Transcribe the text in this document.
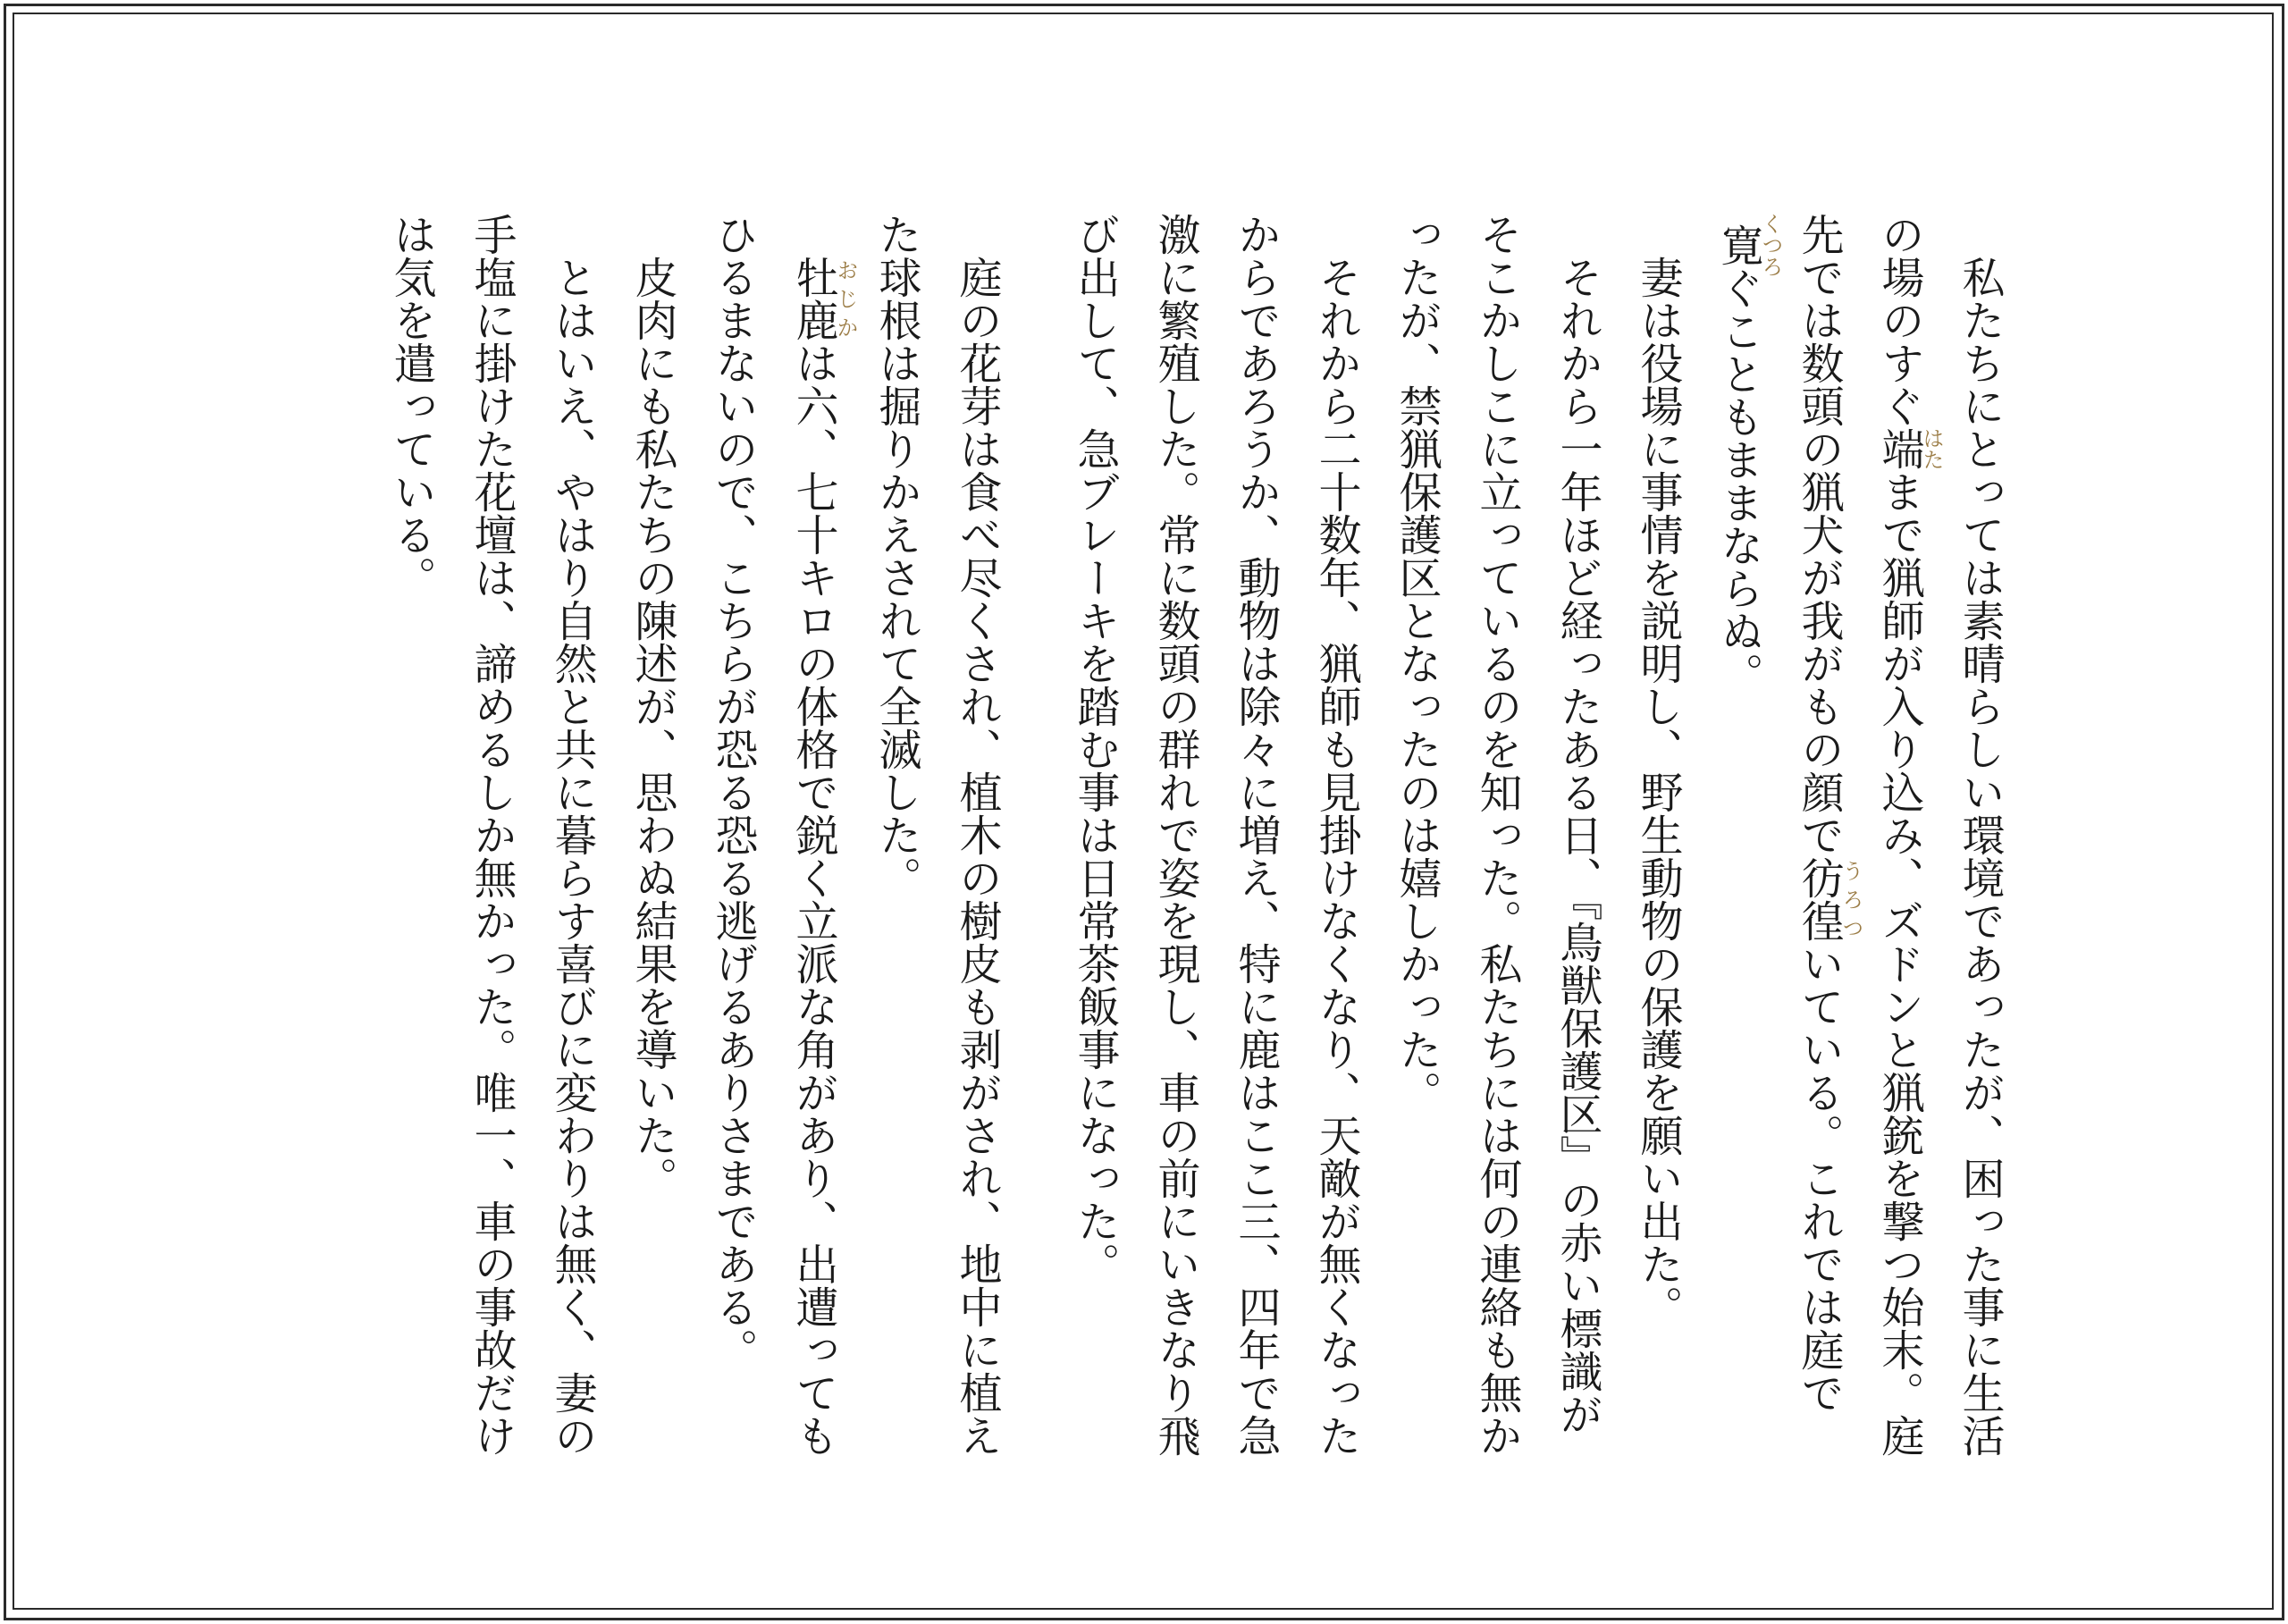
　私たちにとっては素晴らしい環境であったが、困った事に生活の場のすぐ端はたまで猟師が入り込み、ズドンと猟銃を撃つ始末。庭先では数頭の猟犬が我がもの顔で彷徨うろついている。これでは庭で寛くつろぐこともままならぬ。

　妻は役場に事情を説明し、野生動物の保護を願い出た。

　それから一年ほど経ったある日、『鳥獣保護区』の赤い標識がそこかしこに立っているのを知った。私たちには何の連絡も無かったが、禁猟保護区となったのは嬉しかった。

　それから二十数年、猟師も見掛けなくなり、天敵が無くなったからであろうか、動物は除々に増え、特に鹿はここ三、四年で急激に繁殖した。常に数頭の群れで姿を現し、車の前にいきなり飛び出して、急ブレーキを踏む事は日常茶飯事になった。

　庭の花芽は食べ尽くされ、植木の樹皮も剥がされ、地中に植えた球根は掘りかえされて全滅した。

　牡鹿おじかは六、七十キロの体格で鋭く立派な角があり、出遭ってもひるまないので、こちらが恐る恐る逃げるありさまである。

　皮肉にも私たちの陳述が、思わぬ結果を導いた。

　とはいえ、やはり自然と共に暮らす喜びに変わりは無く、妻の手塩に掛けた花壇は、諦めるしか無かった。唯一、車の事故だけは気を遣っている。
